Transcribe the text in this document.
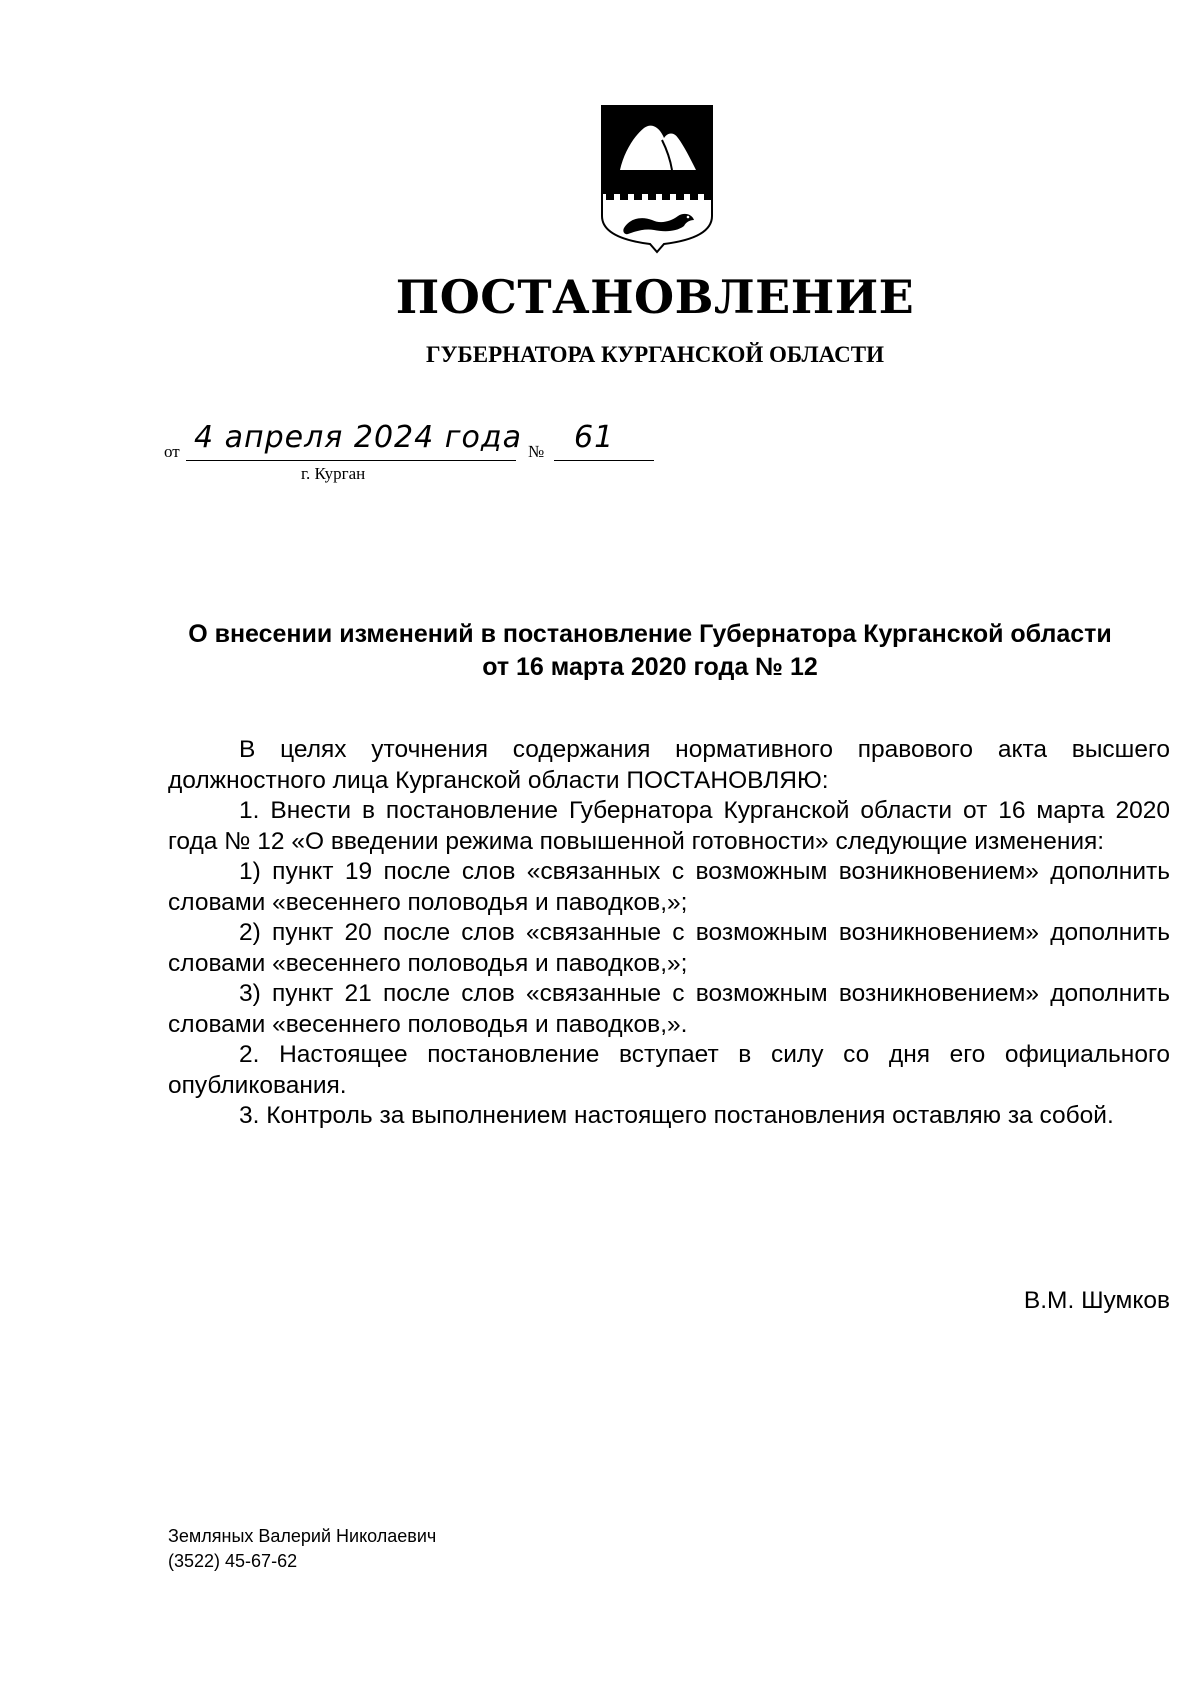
ПОСТАНОВЛЕНИЕ
ГУБЕРНАТОРА КУРГАНСКОЙ ОБЛАСТИ
от 4 апреля 2024 года № 61
г. Курган
О внесении изменений в постановление Губернатора Курганской области
от 16 марта 2020 года № 12

В целях уточнения содержания нормативного правового акта высшего должностного лица Курганской области ПОСТАНОВЛЯЮ:

1. Внести в постановление Губернатора Курганской области от 16 марта 2020 года № 12 «О введении режима повышенной готовности» следующие изменения:

1) пункт 19 после слов «связанных с возможным возникновением» дополнить словами «весеннего половодья и паводков,»;

2) пункт 20 после слов «связанные с возможным возникновением» дополнить словами «весеннего половодья и паводков,»;

3) пункт 21 после слов «связанные с возможным возникновением» дополнить словами «весеннего половодья и паводков,».

2. Настоящее постановление вступает в силу со дня его официального опубликования.

3. Контроль за выполнением настоящего постановления оставляю за собой.

В.М. Шумков
Земляных Валерий Николаевич
(3522) 45-67-62
